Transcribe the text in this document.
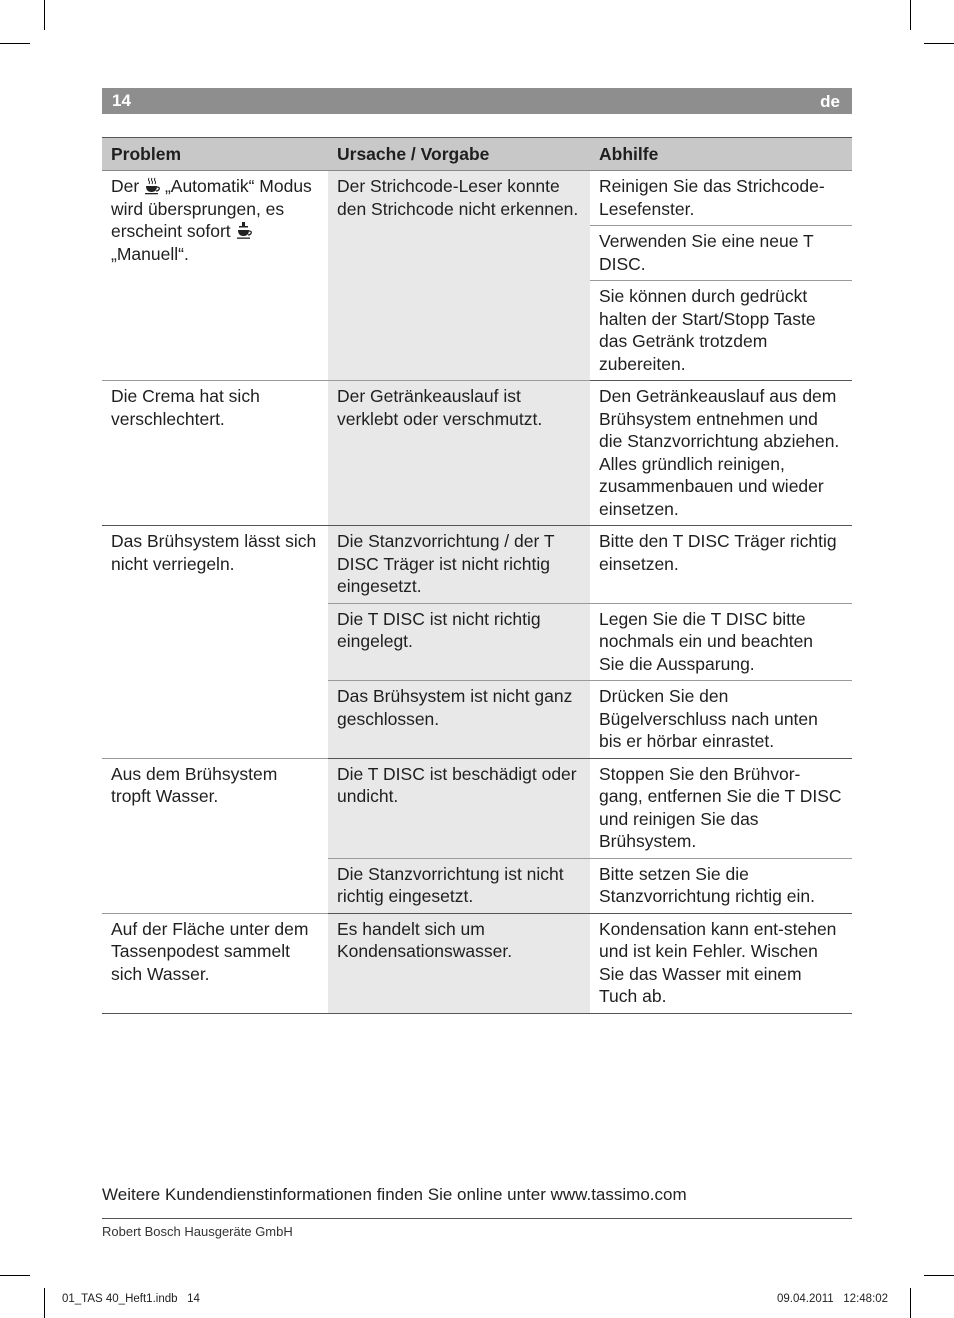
14	de
Problem	Ursache / Vorgabe	Abhilfe
Der „Automatik“ Modus wird übersprungen, es erscheint sofort  „Manuell“.	Der Strichcode-Leser konnte den Strichcode nicht erkennen.	Reinigen Sie das Strichcode-Lesefenster.
		Verwenden Sie eine neue T DISC.
		Sie können durch gedrückt halten der Start/Stopp Taste das Getränk trotzdem zubereiten.
Die Crema hat sich verschlechtert.	Der Getränkeauslauf ist verklebt oder verschmutzt.	Den Getränkeauslauf aus dem Brühsystem entnehmen und die Stanzvorrichtung abziehen. Alles gründlich reinigen, zusammenbauen und wieder einsetzen.
Das Brühsystem lässt sich nicht verriegeln.	Die Stanzvorrichtung / der T DISC Träger ist nicht richtig eingesetzt.	Bitte den T DISC Träger richtig einsetzen.
	Die T DISC ist nicht richtig eingelegt.	Legen Sie die T DISC bitte nochmals ein und beachten Sie die Aussparung.
	Das Brühsystem ist nicht ganz geschlossen.	Drücken Sie den Bügelverschluss nach unten bis er hörbar einrastet.
Aus dem Brühsystem tropft Wasser.	Die T DISC ist beschädigt oder undicht.	Stoppen Sie den Brühvor-gang, entfernen Sie die T DISC und reinigen Sie das Brühsystem.
	Die Stanzvorrichtung ist nicht richtig eingesetzt.	Bitte setzen Sie die Stanzvorrichtung richtig ein.
Auf der Fläche unter dem Tassenpodest sammelt sich Wasser.	Es handelt sich um Kondensationswasser.	Kondensation kann ent-stehen und ist kein Fehler. Wischen Sie das Wasser mit einem Tuch ab.
Weitere Kundendienstinformationen finden Sie online unter www.tassimo.com
Robert Bosch Hausgeräte GmbH
01_TAS 40_Heft1.indb   14	09.04.2011   12:48:02
